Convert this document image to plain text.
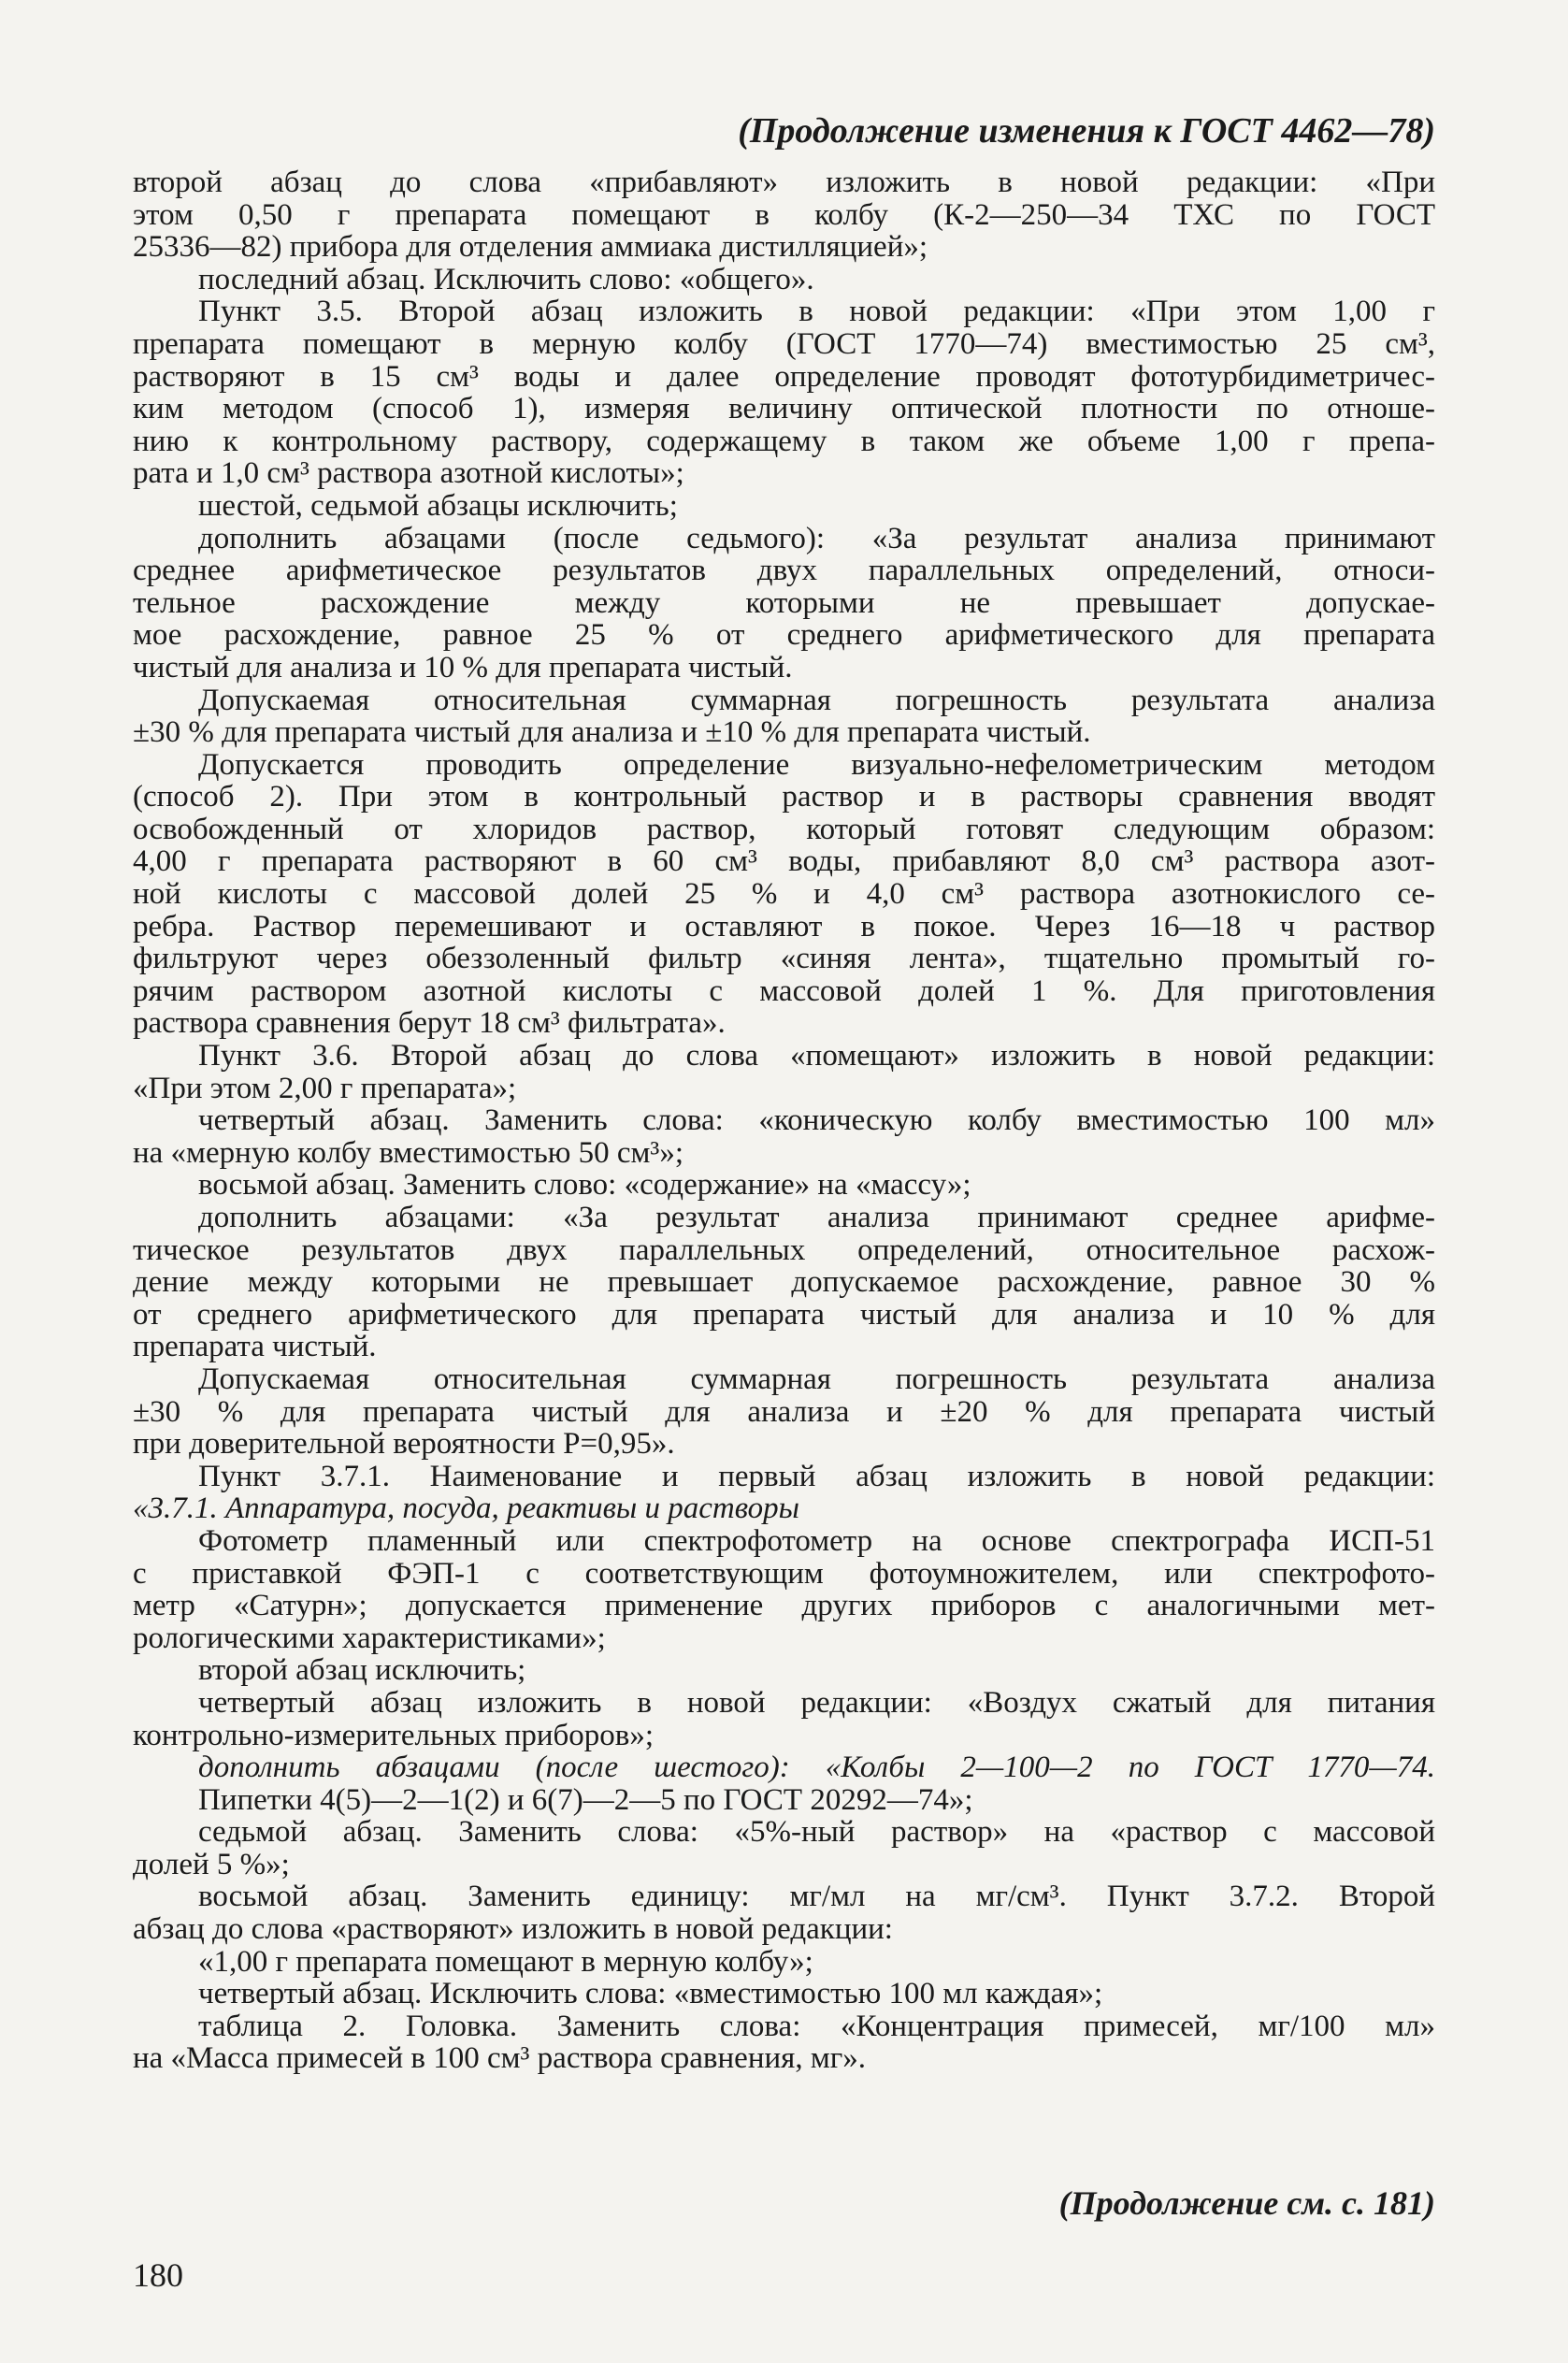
(Продолжение изменения к ГОСТ 4462—78)
второй абзац до слова «прибавляют» изложить в новой редакции: «При
этом 0,50 г препарата помещают в колбу (К-2—250—34 ТХС по ГОСТ
25336—82) прибора для отделения аммиака дистилляцией»;
последний абзац. Исключить слово: «общего».
Пункт 3.5. Второй абзац изложить в новой редакции: «При этом 1,00 г
препарата помещают в мерную колбу (ГОСТ 1770—74) вместимостью 25 см³,
растворяют в 15 см³ воды и далее определение проводят фототурбидиметричес-
ким методом (способ 1), измеряя величину оптической плотности по отноше-
нию к контрольному раствору, содержащему в таком же объеме 1,00 г препа-
рата и 1,0 см³ раствора азотной кислоты»;
шестой, седьмой абзацы исключить;
дополнить абзацами (после седьмого): «За результат анализа принимают
среднее арифметическое результатов двух параллельных определений, относи-
тельное расхождение между которыми не превышает допускае-
мое расхождение, равное 25 % от среднего арифметического для препарата
чистый для анализа и 10 % для препарата чистый.
Допускаемая относительная суммарная погрешность результата анализа
±30 % для препарата чистый для анализа и ±10 % для препарата чистый.
Допускается проводить определение визуально-нефелометрическим методом
(способ 2). При этом в контрольный раствор и в растворы сравнения вводят
освобожденный от хлоридов раствор, который готовят следующим образом:
4,00 г препарата растворяют в 60 см³ воды, прибавляют 8,0 см³ раствора азот-
ной кислоты с массовой долей 25 % и 4,0 см³ раствора азотнокислого се-
ребра. Раствор перемешивают и оставляют в покое. Через 16—18 ч раствор
фильтруют через обеззоленный фильтр «синяя лента», тщательно промытый го-
рячим раствором азотной кислоты с массовой долей 1 %. Для приготовления
раствора сравнения берут 18 см³ фильтрата».
Пункт 3.6. Второй абзац до слова «помещают» изложить в новой редакции:
«При этом 2,00 г препарата»;
четвертый абзац. Заменить слова: «коническую колбу вместимостью 100 мл»
на «мерную колбу вместимостью 50 см³»;
восьмой абзац. Заменить слово: «содержание» на «массу»;
дополнить абзацами: «За результат анализа принимают среднее арифме-
тическое результатов двух параллельных определений, относительное расхож-
дение между которыми не превышает допускаемое расхождение, равное 30 %
от среднего арифметического для препарата чистый для анализа и 10 % для
препарата чистый.
Допускаемая относительная суммарная погрешность результата анализа
±30 % для препарата чистый для анализа и ±20 % для препарата чистый
при доверительной вероятности Р=0,95».
Пункт 3.7.1. Наименование и первый абзац изложить в новой редакции:
«3.7.1. Аппаратура, посуда, реактивы и растворы
Фотометр пламенный или спектрофотометр на основе спектрографа ИСП-51
с приставкой ФЭП-1 с соответствующим фотоумножителем, или спектрофото-
метр «Сатурн»; допускается применение других приборов с аналогичными мет-
рологическими характеристиками»;
второй абзац исключить;
четвертый абзац изложить в новой редакции: «Воздух сжатый для питания
контрольно-измерительных приборов»;
дополнить абзацами (после шестого): «Колбы 2—100—2 по ГОСТ 1770—74.
Пипетки 4(5)—2—1(2) и 6(7)—2—5 по ГОСТ 20292—74»;
седьмой абзац. Заменить слова: «5%-ный раствор» на «раствор с массовой
долей 5 %»;
восьмой абзац. Заменить единицу: мг/мл на мг/см³. Пункт 3.7.2. Второй
абзац до слова «растворяют» изложить в новой редакции:
«1,00 г препарата помещают в мерную колбу»;
четвертый абзац. Исключить слова: «вместимостью 100 мл каждая»;
таблица 2. Головка. Заменить слова: «Концентрация примесей, мг/100 мл»
на «Масса примесей в 100 см³ раствора сравнения, мг».
(Продолжение см. с. 181)
180
